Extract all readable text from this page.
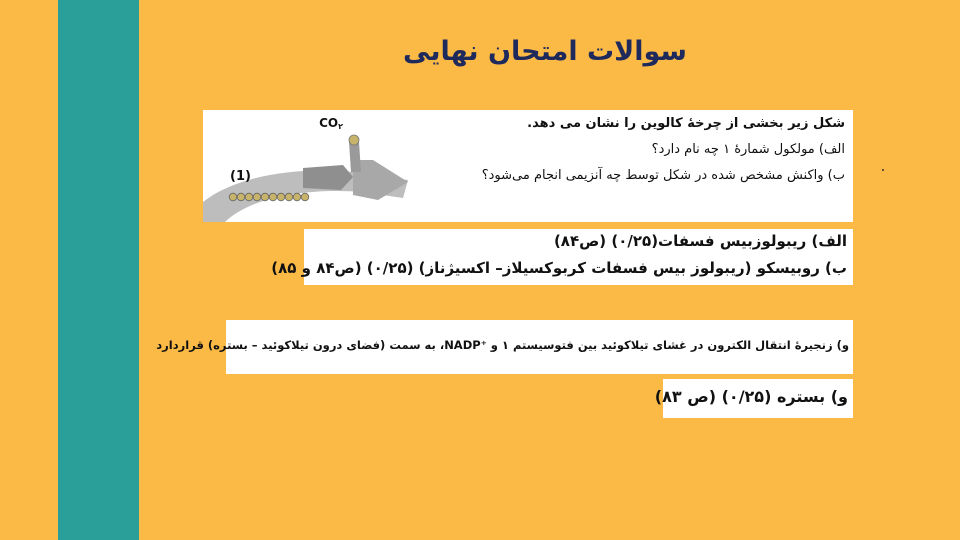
سوالات امتحان نهایی
CO۲
(1)
شکل زیر بخشی از چرخهٔ کالوین را نشان می دهد.
الف) مولکول شمارهٔ ۱ چه نام دارد؟
ب) واکنش مشخص شده در شکل توسط چه آنزیمی انجام می‌شود؟
الف) ریبولوزبیس فسفات(۰/۲۵) (ص۸۴)
ب) روبیسکو (ریبولوز بیس فسفات کربوکسیلاز– اکسیژناز) (۰/۲۵) (ص۸۴ و ۸۵)
و) زنجیرهٔ انتقال الکترون در غشای تیلاکوئید بین فتوسیستم ۱ و ⁺NADP، به سمت (فضای درون تیلاکوئید – بستره) قراردارد
و) بستره (۰/۲۵) (ص ۸۳)
